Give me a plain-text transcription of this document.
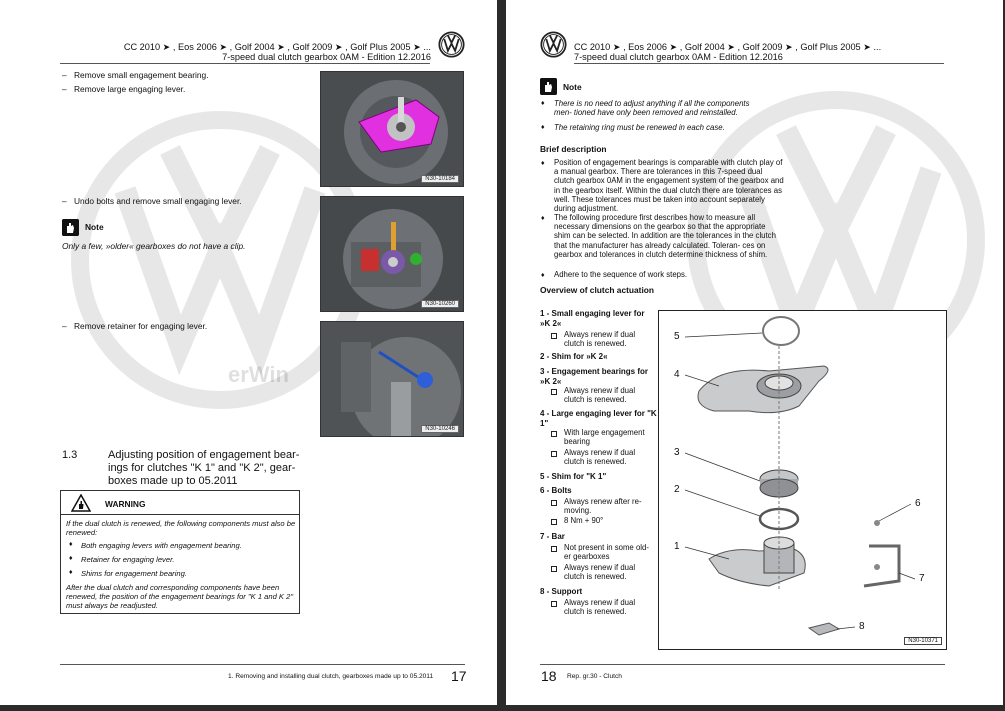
erWin
CC 2010 ➤ , Eos 2006 ➤ , Golf 2004 ➤ , Golf 2009 ➤ , Golf Plus 2005 ➤ ...
7-speed dual clutch gearbox 0AM - Edition 12.2016
– Remove small engagement bearing.
– Remove large engaging lever.
N30-10184
– Undo bolts and remove small engaging lever.
Note
Only a few, »older« gearboxes do not have a clip.
N30-10260
– Remove retainer for engaging lever.
N30-10246
1.3	Adjusting position of engagement bear-
ings for clutches "K 1" and "K 2", gear-
boxes made up to 05.2011
WARNING
If the dual clutch is renewed, the following components must also be renewed:
♦ Both engaging levers with engagement bearing.
♦ Retainer for engaging lever.
♦ Shims for engagement bearing.
After the dual clutch and corresponding components have been renewed, the position of the engagement bearings for "K 1 and K 2" must always be readjusted.
1. Removing and installing dual clutch, gearboxes made up to 05.2011 17
CC 2010 ➤ , Eos 2006 ➤ , Golf 2004 ➤ , Golf 2009 ➤ , Golf Plus 2005 ➤ ...
7-speed dual clutch gearbox 0AM - Edition 12.2016
Note
♦ There is no need to adjust anything if all the components men- tioned have only been removed and reinstalled.
♦ The retaining ring must be renewed in each case.
Brief description
♦ Position of engagement bearings is comparable with clutch play of a manual gearbox. There are tolerances in this 7-speed dual clutch gearbox 0AM in the engagement system of the gearbox and in the gearbox itself. Within the dual clutch there are tolerances as well. These tolerances must be taken into account separately during adjustment.
♦ The following procedure first describes how to measure all necessary dimensions on the gearbox so that the appropriate shim can be selected. In addition are the tolerances in the clutch that the manufacturer has already calculated. Toleran- ces on gearbox and tolerances in clutch determine thickness of shim.
♦ Adhere to the sequence of work steps.
Overview of clutch actuation
1 - Small engaging lever for »K 2«
Always renew if dual clutch is renewed.
2 - Shim for »K 2«
3 - Engagement bearings for »K 2«
Always renew if dual clutch is renewed.
4 - Large engaging lever for "K 1"
With large engagement bearing
Always renew if dual clutch is renewed.
5 - Shim for "K 1"
6 - Bolts
Always renew after re- moving.
8 Nm + 90°
7 - Bar
Not present in some old- er gearboxes
Always renew if dual clutch is renewed.
8 - Support
Always renew if dual clutch is renewed.
5
4
3
2
1
6
7
8
N30-10371
18 Rep. gr.30 - Clutch
